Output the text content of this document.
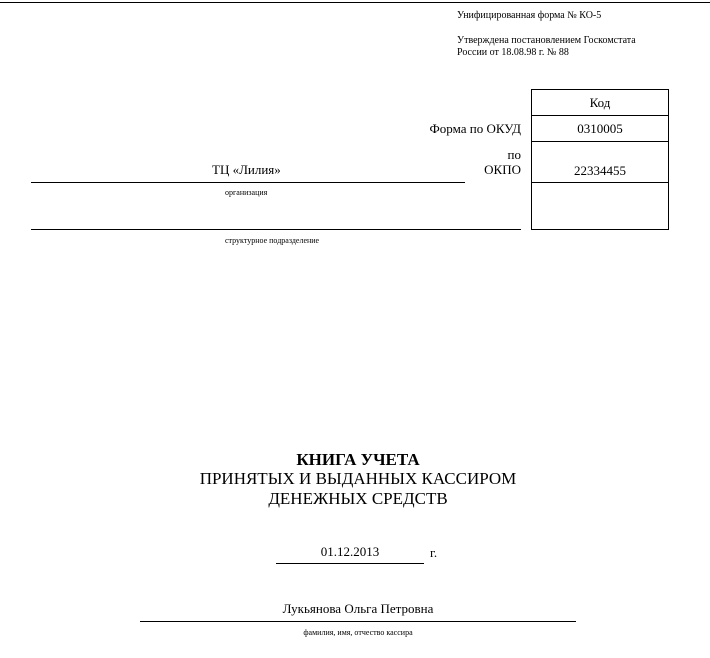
Унифицированная форма № КО-5
Утверждена постановлением Госкомстата
России от 18.08.98 г. № 88
Код
0310005
22334455
Форма по ОКУД
по
ОКПО
ТЦ «Лилия»
организация
структурное подразделение
КНИГА УЧЕТА
ПРИНЯТЫХ И ВЫДАННЫХ КАССИРОМ
ДЕНЕЖНЫХ СРЕДСТВ
01.12.2013	г.
Лукьянова Ольга Петровна
фамилия, имя, отчество кассира
